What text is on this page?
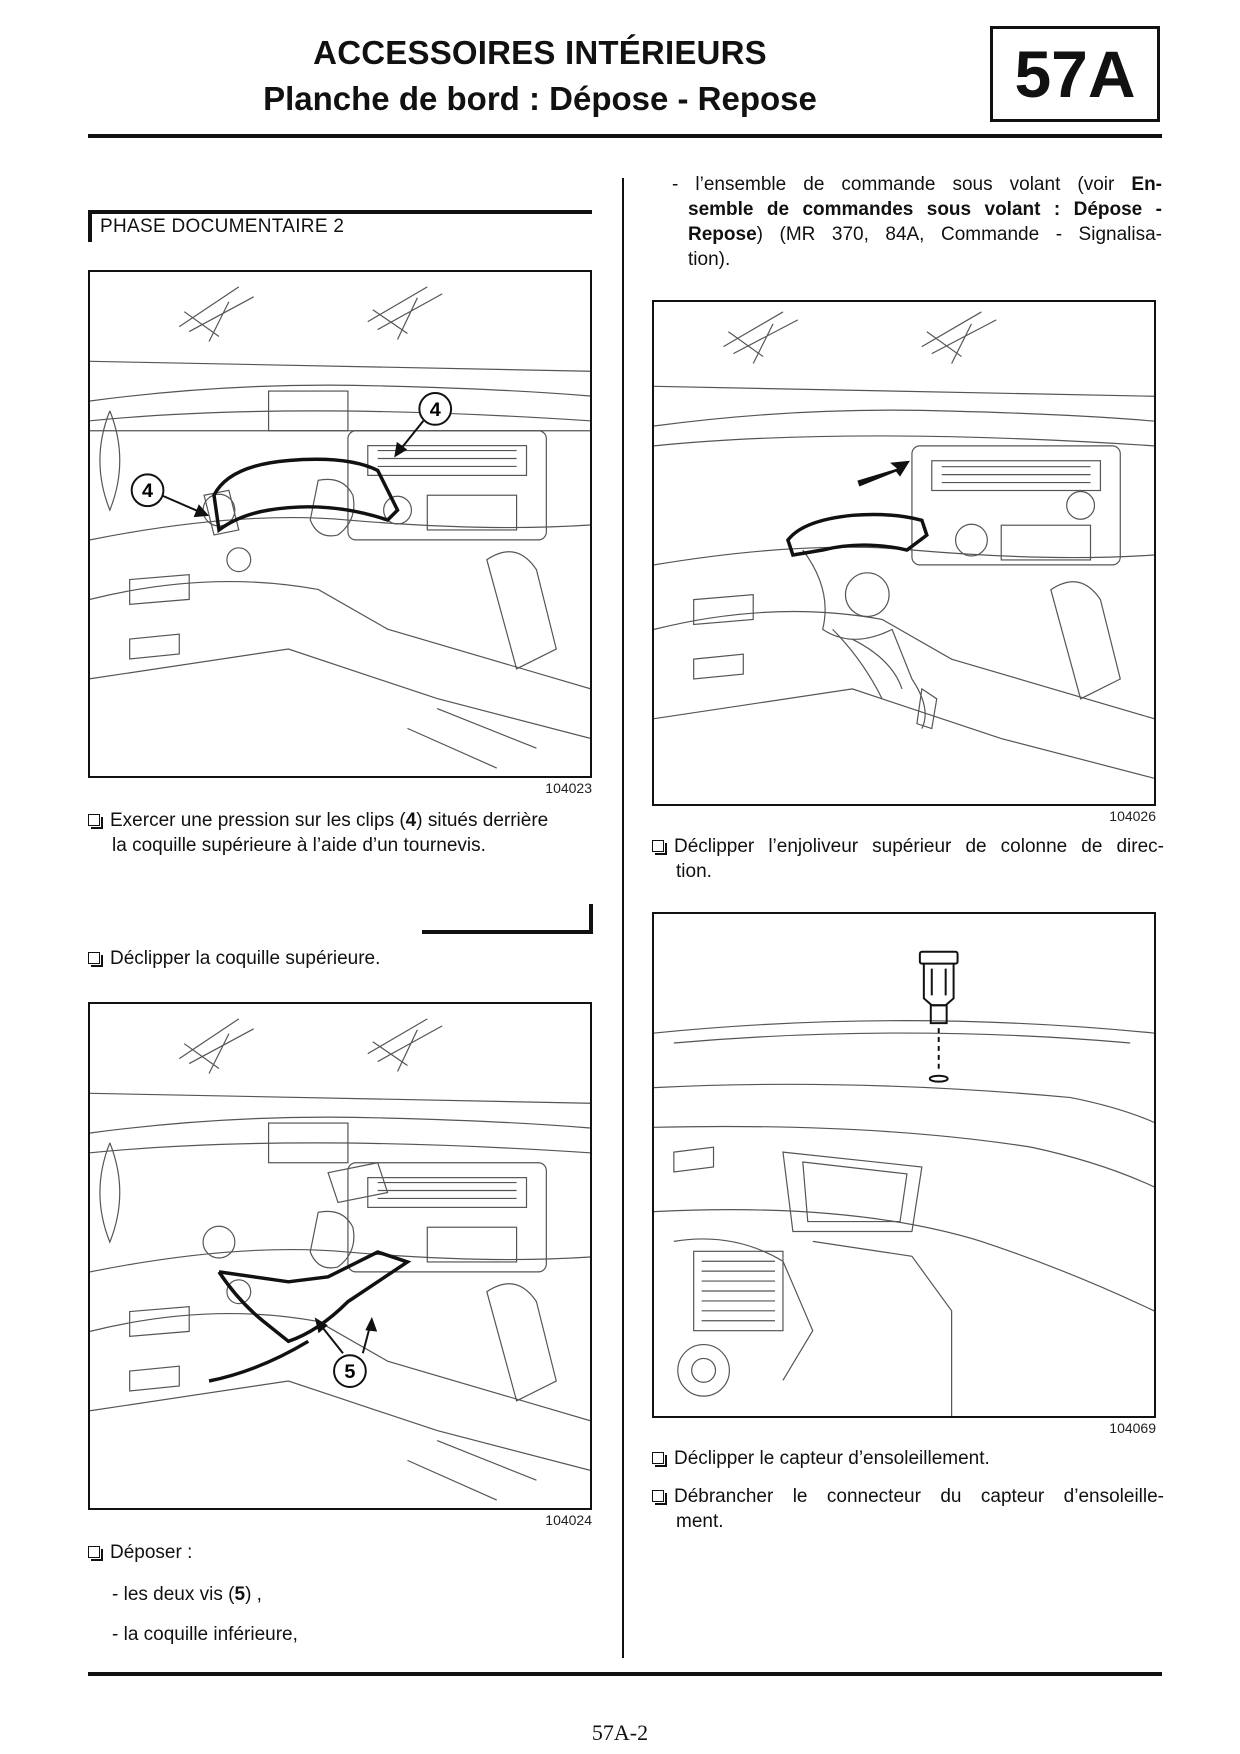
ACCESSOIRES INTÉRIEURS
Planche de bord : Dépose - Repose	57A
PHASE DOCUMENTAIRE 2
4
4
104023
Exercer une pression sur les clips (4) situés derrière
la coquille supérieure à l’aide d’un tournevis.
Déclipper la coquille supérieure.
5
104024
Déposer :
- les deux vis (5) ,
- la coquille inférieure,
- l’ensemble de commande sous volant (voir En-
semble de commandes sous volant : Dépose -
Repose) (MR 370, 84A, Commande - Signalisa-
tion).
104026
Déclipper l’enjoliveur supérieur de colonne de direc-
tion.
104069
Déclipper le capteur d’ensoleillement.
Débrancher le connecteur du capteur d’ensoleille-
ment.
57A-2
